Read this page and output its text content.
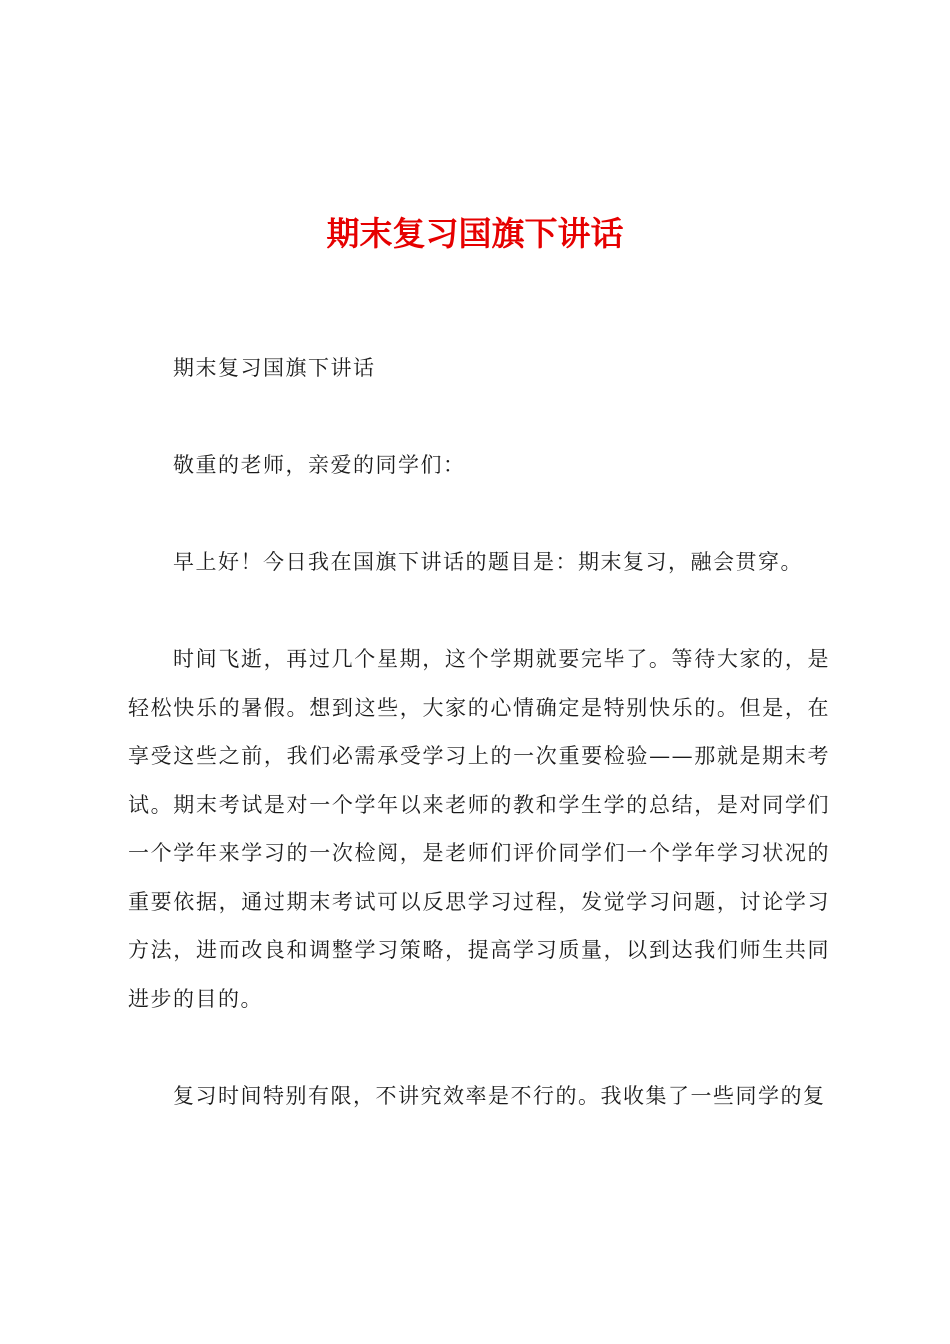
期末复习国旗下讲话

期末复习国旗下讲话

敬重的老师，亲爱的同学们：

早上好！今日我在国旗下讲话的题目是：期末复习，融会贯穿。

时间飞逝，再过几个星期，这个学期就要完毕了。等待大家的，是轻松快乐的暑假。想到这些，大家的心情确定是特别快乐的。但是，在享受这些之前，我们必需承受学习上的一次重要检验——那就是期末考试。期末考试是对一个学年以来老师的教和学生学的总结，是对同学们一个学年来学习的一次检阅，是老师们评价同学们一个学年学习状况的重要依据，通过期末考试可以反思学习过程，发觉学习问题，讨论学习方法，进而改良和调整学习策略，提高学习质量，以到达我们师生共同进步的目的。

复习时间特别有限，不讲究效率是不行的。我收集了一些同学的复
